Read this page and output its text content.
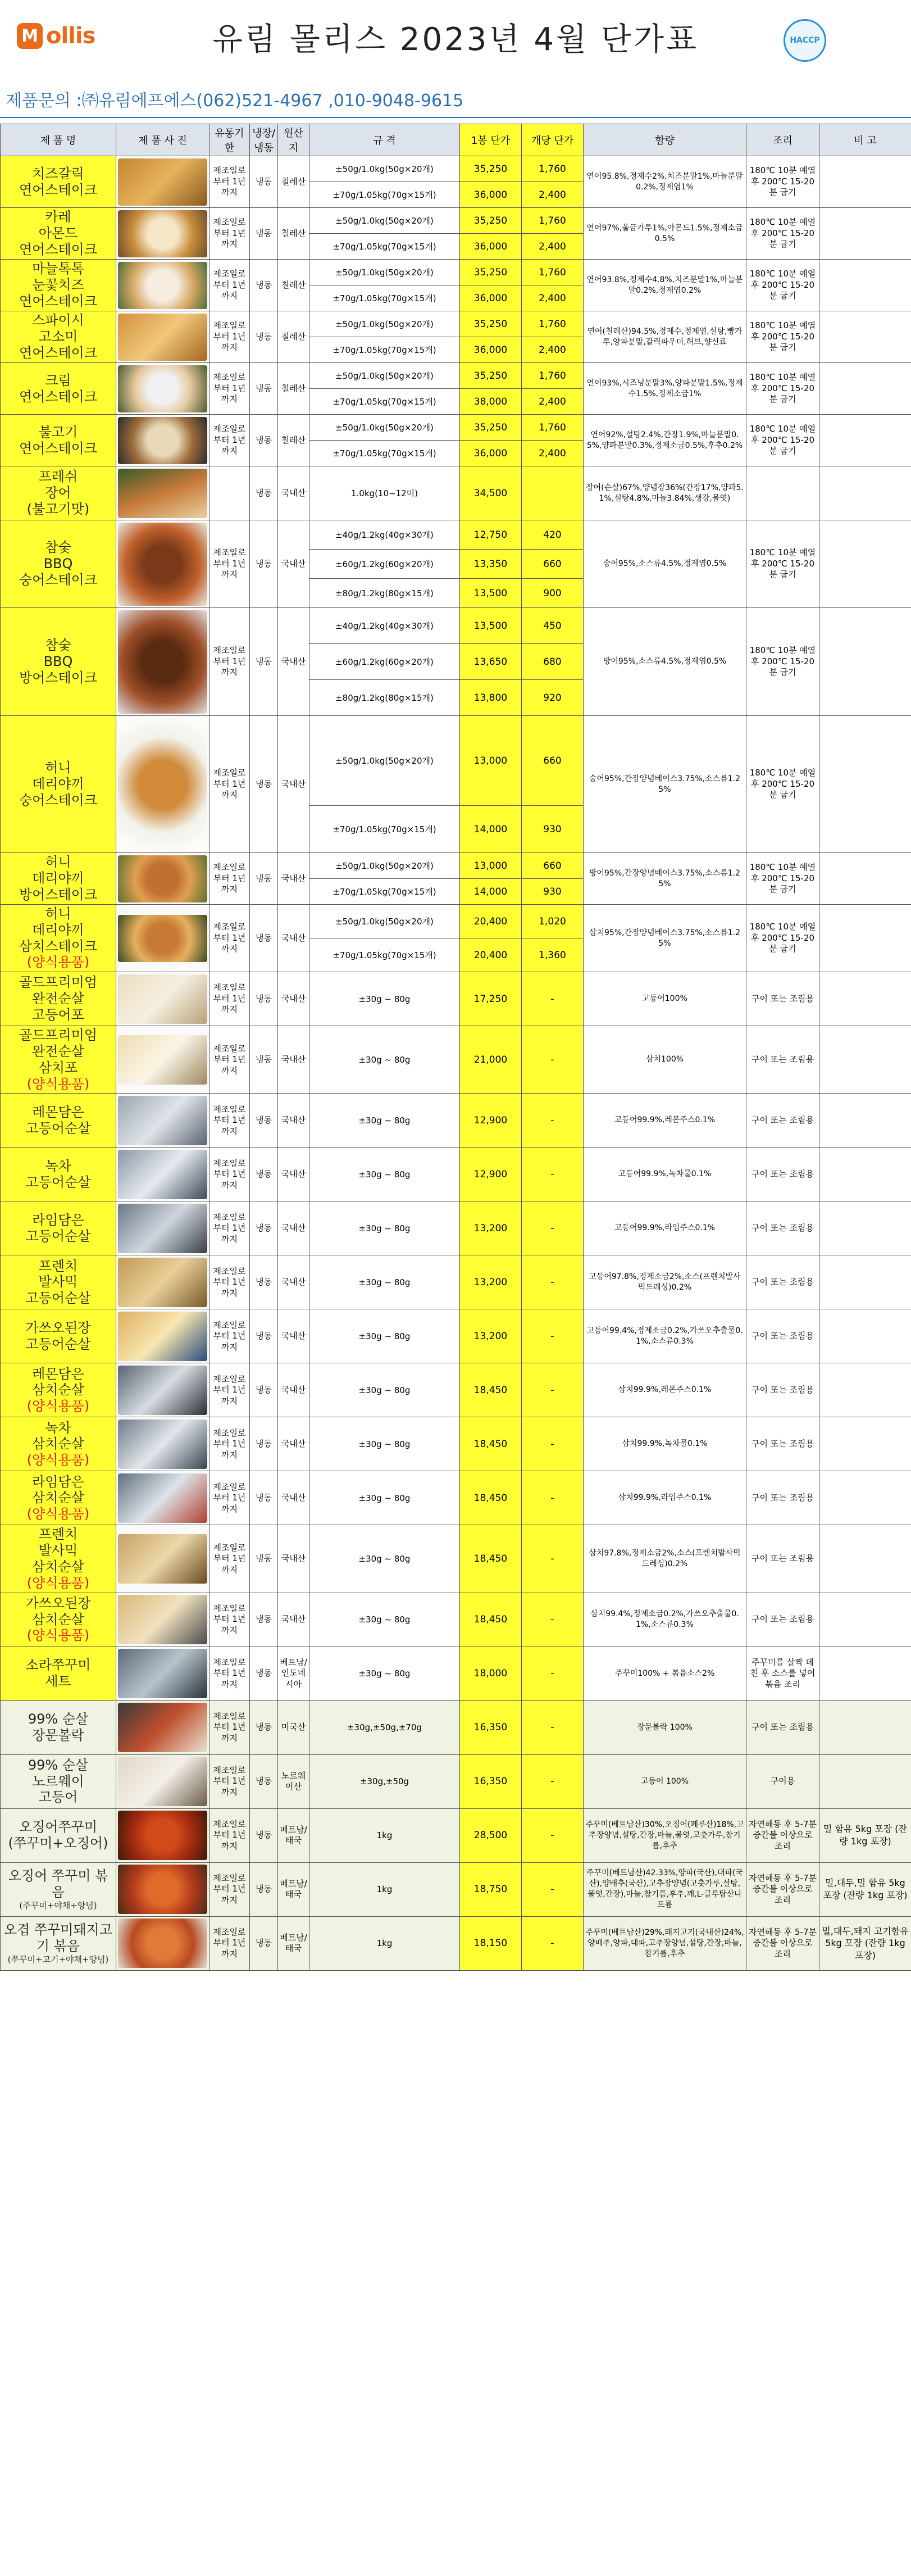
M ollis	유림 몰리스 2023년 4월 단가표	HACCP
제품문의 :㈜유림에프에스(062)521-4967 ,010-9048-9615
제 품 명	제 품 사 진	유통기한	냉장/냉동	원산지	규 격	1봉 단가	개당 단가	함량	조리	비 고
치즈갈릭
연어스테이크		제조일로 부터 1년 까지	냉동	칠레산	±50g/1.0kg(50g×20개)	35,250	1,760	연어95.8%,정제수2%,치즈분말1%,마늘분말0.2%,정제염1%	180℃ 10분 예열 후 200℃ 15-20분 굽기	
					±70g/1.05kg(70g×15개)	36,000	2,400			
카레
아몬드
연어스테이크		제조일로 부터 1년 까지	냉동	칠레산	±50g/1.0kg(50g×20개)	35,250	1,760	연어97%,울금가루1%,아몬드1.5%,정제소금0.5%	180℃ 10분 예열 후 200℃ 15-20분 굽기	
					±70g/1.05kg(70g×15개)	36,000	2,400			
마늘톡톡
눈꽃치즈
연어스테이크		제조일로 부터 1년 까지	냉동	칠레산	±50g/1.0kg(50g×20개)	35,250	1,760	연어93.8%,정제수4.8%,치즈분말1%,마늘분말0.2%,정제염0.2%	180℃ 10분 예열 후 200℃ 15-20분 굽기	
					±70g/1.05kg(70g×15개)	36,000	2,400			
스파이시
고소미
연어스테이크		제조일로 부터 1년 까지	냉동	칠레산	±50g/1.0kg(50g×20개)	35,250	1,760	연어(칠레산)94.5%,정제수,정제염,설탕,빵가루,양파분말,갈릭파우더,허브,향신료	180℃ 10분 예열 후 200℃ 15-20분 굽기	
					±70g/1.05kg(70g×15개)	36,000	2,400			
크림
연어스테이크		제조일로 부터 1년 까지	냉동	칠레산	±50g/1.0kg(50g×20개)	35,250	1,760	연어93%,시즈닝분말3%,양파분말1.5%,정제수1.5%,정제소금1%	180℃ 10분 예열 후 200℃ 15-20분 굽기	
					±70g/1.05kg(70g×15개)	38,000	2,400			
불고기
연어스테이크		제조일로 부터 1년 까지	냉동	칠레산	±50g/1.0kg(50g×20개)	35,250	1,760	연어92%,설탕2.4%,간장1.9%,마늘분말0.5%,양파분말0.3%,정제소금0.5%,후추0.2%	180℃ 10분 예열 후 200℃ 15-20분 굽기	
					±70g/1.05kg(70g×15개)	36,000	2,400			
프레쉬
장어
(불고기맛)			냉동	국내산	1.0kg(10~12미)	34,500		장어(순살)67%,양념장36%(간장17%,양파5.1%,설탕4.8%,마늘3.84%,생강,물엿)		
참숯
BBQ
숭어스테이크		제조일로 부터 1년 까지	냉동	국내산	±40g/1.2kg(40g×30개)	12,750	420	숭어95%,소스류4.5%,정제염0.5%	180℃ 10분 예열 후 200℃ 15-20분 굽기	
					±60g/1.2kg(60g×20개)	13,350	660			
					±80g/1.2kg(80g×15개)	13,500	900			
참숯
BBQ
방어스테이크		제조일로 부터 1년 까지	냉동	국내산	±40g/1.2kg(40g×30개)	13,500	450	방어95%,소스류4.5%,정제염0.5%	180℃ 10분 예열 후 200℃ 15-20분 굽기	
					±60g/1.2kg(60g×20개)	13,650	680			
					±80g/1.2kg(80g×15개)	13,800	920			
허니
데리야끼
숭어스테이크		제조일로 부터 1년 까지	냉동	국내산	±50g/1.0kg(50g×20개)	13,000	660	숭어95%,간장양념베이스3.75%,소스류1.25%	180℃ 10분 예열 후 200℃ 15-20분 굽기	
					±70g/1.05kg(70g×15개)	14,000	930			
허니
데리야끼
방어스테이크		제조일로 부터 1년 까지	냉동	국내산	±50g/1.0kg(50g×20개)	13,000	660	방어95%,간장양념베이스3.75%,소스류1.25%	180℃ 10분 예열 후 200℃ 15-20분 굽기	
					±70g/1.05kg(70g×15개)	14,000	930			
허니
데리야끼
삼치스테이크
(양식용품)		제조일로 부터 1년 까지	냉동	국내산	±50g/1.0kg(50g×20개)	20,400	1,020	삼치95%,간장양념베이스3.75%,소스류1.25%	180℃ 10분 예열 후 200℃ 15-20분 굽기	
					±70g/1.05kg(70g×15개)	20,400	1,360			
골드프리미엄
완전순살
고등어포		제조일로 부터 1년 까지	냉동	국내산	±30g ~ 80g	17,250	-	고등어100%	구이 또는 조림용	
골드프리미엄
완전순살
삼치포
(양식용품)		제조일로 부터 1년 까지	냉동	국내산	±30g ~ 80g	21,000	-	삼치100%	구이 또는 조림용	
레몬담은
고등어순살		제조일로 부터 1년 까지	냉동	국내산	±30g ~ 80g	12,900	-	고등어99.9%,레몬주스0.1%	구이 또는 조림용	
녹차
고등어순살		제조일로 부터 1년 까지	냉동	국내산	±30g ~ 80g	12,900	-	고등어99.9%,녹차물0.1%	구이 또는 조림용	
라임담은
고등어순살		제조일로 부터 1년 까지	냉동	국내산	±30g ~ 80g	13,200	-	고등어99.9%,라임주스0.1%	구이 또는 조림용	
프렌치
발사믹
고등어순살		제조일로 부터 1년 까지	냉동	국내산	±30g ~ 80g	13,200	-	고등어97.8%,정제소금2%,소스(프렌치발사믹드레싱)0.2%	구이 또는 조림용	
가쓰오된장
고등어순살		제조일로 부터 1년 까지	냉동	국내산	±30g ~ 80g	13,200	-	고등어99.4%,정제소금0.2%,가쓰오추출물0.1%,소스류0.3%	구이 또는 조림용	
레몬담은
삼치순살
(양식용품)		제조일로 부터 1년 까지	냉동	국내산	±30g ~ 80g	18,450	-	삼치99.9%,레몬주스0.1%	구이 또는 조림용	
녹차
삼치순살
(양식용품)		제조일로 부터 1년 까지	냉동	국내산	±30g ~ 80g	18,450	-	삼치99.9%,녹차물0.1%	구이 또는 조림용	
라임담은
삼치순살
(양식용품)		제조일로 부터 1년 까지	냉동	국내산	±30g ~ 80g	18,450	-	삼치99.9%,라임주스0.1%	구이 또는 조림용	
프렌치
발사믹
삼치순살
(양식용품)		제조일로 부터 1년 까지	냉동	국내산	±30g ~ 80g	18,450	-	삼치97.8%,정제소금2%,소스(프렌치발사믹드레싱)0.2%	구이 또는 조림용	
가쓰오된장
삼치순살
(양식용품)		제조일로 부터 1년 까지	냉동	국내산	±30g ~ 80g	18,450	-	삼치99.4%,정제소금0.2%,가쓰오추출물0.1%,소스류0.3%	구이 또는 조림용	
소라쭈꾸미
세트		제조일로 부터 1년 까지	냉동	베트남/인도네시아	±30g ~ 80g	18,000	-	주꾸미100% + 볶음소스2%	주꾸미를 살짝 데친 후 소스를 넣어 볶음 조리	
99% 순살
장문볼락		제조일로 부터 1년 까지	냉동	미국산	±30g,±50g,±70g	16,350	-	장문볼락 100%	구이 또는 조림용	
99% 순살
노르웨이
고등어		제조일로 부터 1년 까지	냉동	노르웨이산	±30g,±50g	16,350	-	고등어 100%	구이용	
오징어쭈꾸미
(쭈꾸미+오징어)		제조일로 부터 1년 까지	냉동	베트남/태국	1kg	28,500	-	주꾸미(베트남산)30%,오징어(페루산)18%,고추장양념,설탕,간장,마늘,물엿,고춧가루,참기름,후추	자연해동 후 5-7분 중간불 이상으로 조리	밀 함유 5kg 포장 (잔량 1kg 포장)
오징어 쭈꾸미 볶음
(주꾸미+야채+양념)		제조일로 부터 1년 까지	냉동	베트남/태국	1kg	18,750	-	주꾸미(베트남산)42.33%,양파(국산),대파(국산),양배추(국산),고추장양념(고춧가루,설탕,물엿,간장),마늘,참기름,후추,깨,L-글루탐산나트륨	자연해동 후 5-7분 중간불 이상으로 조리	밀,대두,밀 함유 5kg 포장 (잔량 1kg 포장)
오겹 쭈꾸미돼지고기 볶음
(쭈꾸미+고기+야채+양념)		제조일로 부터 1년 까지	냉동	베트남/태국	1kg	18,150	-	주꾸미(베트남산)29%,돼지고기(국내산)24%,양배추,양파,대파,고추장양념,설탕,간장,마늘,참기름,후추	자연해동 후 5-7분 중간불 이상으로 조리	밀,대두,돼지 고기함유 5kg 포장 (잔량 1kg 포장)
